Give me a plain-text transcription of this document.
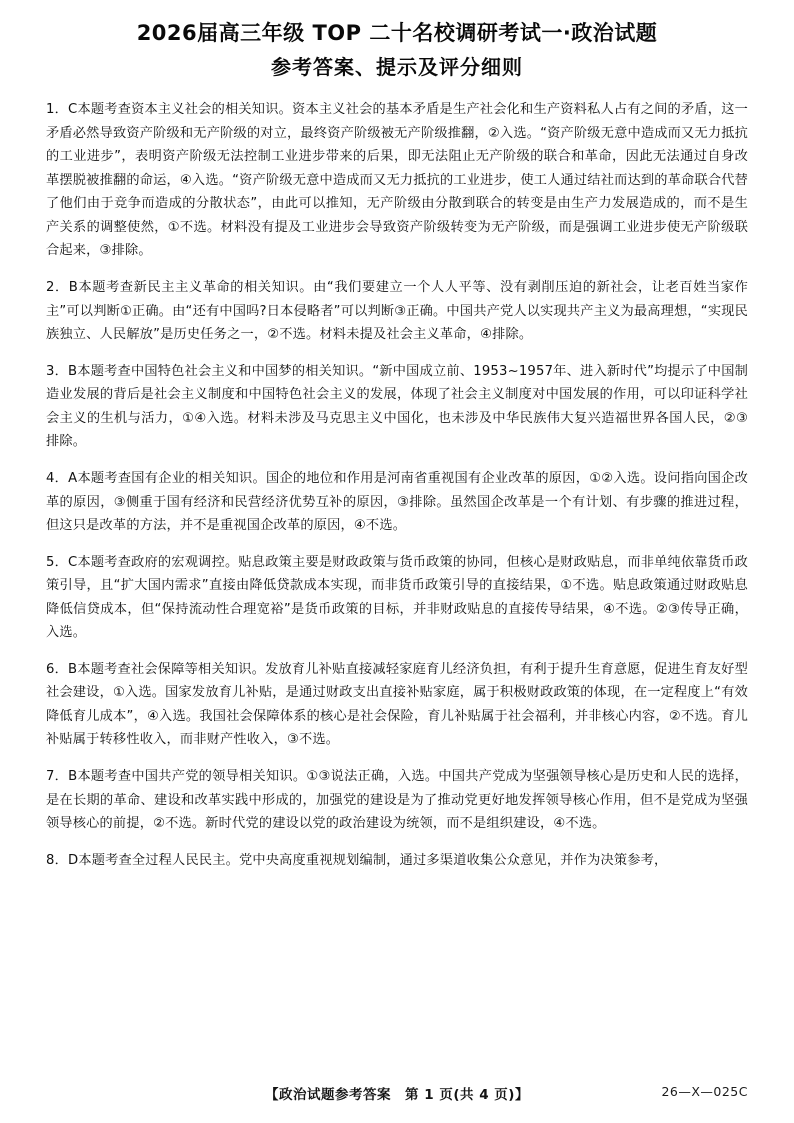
2026届高三年级 TOP 二十名校调研考试一·政治试题
参考答案、提示及评分细则

1．C本题考查资本主义社会的相关知识。资本主义社会的基本矛盾是生产社会化和生产资料私人占有之间的矛盾，这一矛盾必然导致资产阶级和无产阶级的对立，最终资产阶级被无产阶级推翻，②入选。“资产阶级无意中造成而又无力抵抗的工业进步”，表明资产阶级无法控制工业进步带来的后果，即无法阻止无产阶级的联合和革命，因此无法通过自身改革摆脱被推翻的命运，④入选。“资产阶级无意中造成而又无力抵抗的工业进步，使工人通过结社而达到的革命联合代替了他们由于竞争而造成的分散状态”，由此可以推知，无产阶级由分散到联合的转变是由生产力发展造成的，而不是生产关系的调整使然，①不选。材料没有提及工业进步会导致资产阶级转变为无产阶级，而是强调工业进步使无产阶级联合起来，③排除。

2．B本题考查新民主主义革命的相关知识。由“我们要建立一个人人平等、没有剥削压迫的新社会，让老百姓当家作主”可以判断①正确。由“还有中国吗?日本侵略者”可以判断③正确。中国共产党人以实现共产主义为最高理想，“实现民族独立、人民解放”是历史任务之一，②不选。材料未提及社会主义革命，④排除。

3．B本题考查中国特色社会主义和中国梦的相关知识。“新中国成立前、1953~1957年、进入新时代”均提示了中国制造业发展的背后是社会主义制度和中国特色社会主义的发展，体现了社会主义制度对中国发展的作用，可以印证科学社会主义的生机与活力，①④入选。材料未涉及马克思主义中国化，也未涉及中华民族伟大复兴造福世界各国人民，②③排除。

4．A本题考查国有企业的相关知识。国企的地位和作用是河南省重视国有企业改革的原因，①②入选。设问指向国企改革的原因，③侧重于国有经济和民营经济优势互补的原因，③排除。虽然国企改革是一个有计划、有步骤的推进过程，但这只是改革的方法，并不是重视国企改革的原因，④不选。

5．C本题考查政府的宏观调控。贴息政策主要是财政政策与货币政策的协同，但核心是财政贴息，而非单纯依靠货币政策引导，且“扩大国内需求”直接由降低贷款成本实现，而非货币政策引导的直接结果，①不选。贴息政策通过财政贴息降低信贷成本，但“保持流动性合理宽裕”是货币政策的目标，并非财政贴息的直接传导结果，④不选。②③传导正确，入选。

6．B本题考查社会保障等相关知识。发放育儿补贴直接减轻家庭育儿经济负担，有利于提升生育意愿，促进生育友好型社会建设，①入选。国家发放育儿补贴，是通过财政支出直接补贴家庭，属于积极财政政策的体现，在一定程度上“有效降低育儿成本”，④入选。我国社会保障体系的核心是社会保险，育儿补贴属于社会福利，并非核心内容，②不选。育儿补贴属于转移性收入，而非财产性收入，③不选。

7．B本题考查中国共产党的领导相关知识。①③说法正确，入选。中国共产党成为坚强领导核心是历史和人民的选择，是在长期的革命、建设和改革实践中形成的，加强党的建设是为了推动党更好地发挥领导核心作用，但不是党成为坚强领导核心的前提，②不选。新时代党的建设以党的政治建设为统领，而不是组织建设，④不选。

8．D本题考查全过程人民民主。党中央高度重视规划编制，通过多渠道收集公众意见，并作为决策参考，

【政治试题参考答案　第 1 页(共 4 页)】	26—X—025C
